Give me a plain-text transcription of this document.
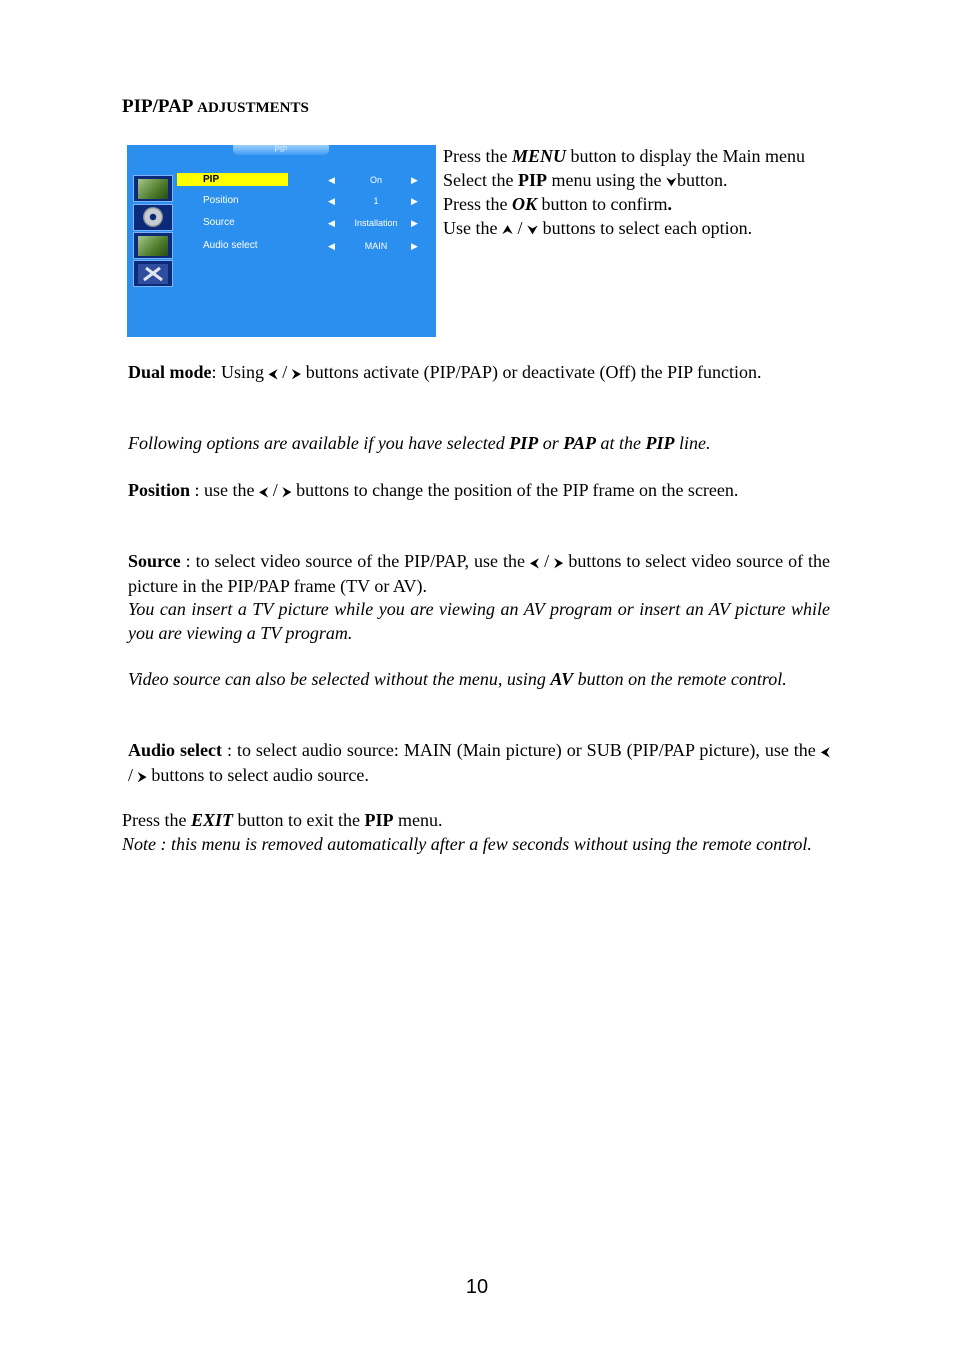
PIP/PAP ADJUSTMENTS
PIP
PIP	◀	On	▶
Position	◀	1	▶
Source	◀	Installation	▶
Audio select	◀	MAIN	▶

Press the MENU button to display the Main menu

Select the PIP menu using the ⮟button.

Press the OK button to confirm.

Use the ⮝ / ⮟ buttons to select each option.

Dual mode: Using ⮜ / ⮞ buttons activate (PIP/PAP) or deactivate (Off) the PIP function.

Following options are available if you have selected PIP or PAP at the PIP line.

Position : use the ⮜ / ⮞ buttons to change the position of the PIP frame on the screen.

Source : to select video source of the PIP/PAP, use the ⮜ / ⮞ buttons to select video source of the picture in the PIP/PAP frame (TV or AV).

You can insert a TV picture while you are viewing an AV program or insert an AV picture while you are viewing a TV program.

Video source can also be selected without the menu, using AV button on the remote control.

Audio select : to select audio source: MAIN (Main picture) or SUB (PIP/PAP picture), use the ⮜ / ⮞ buttons to select audio source.

Press the EXIT button to exit the PIP menu.

Note : this menu is removed automatically after a few seconds without using the remote control.

10
